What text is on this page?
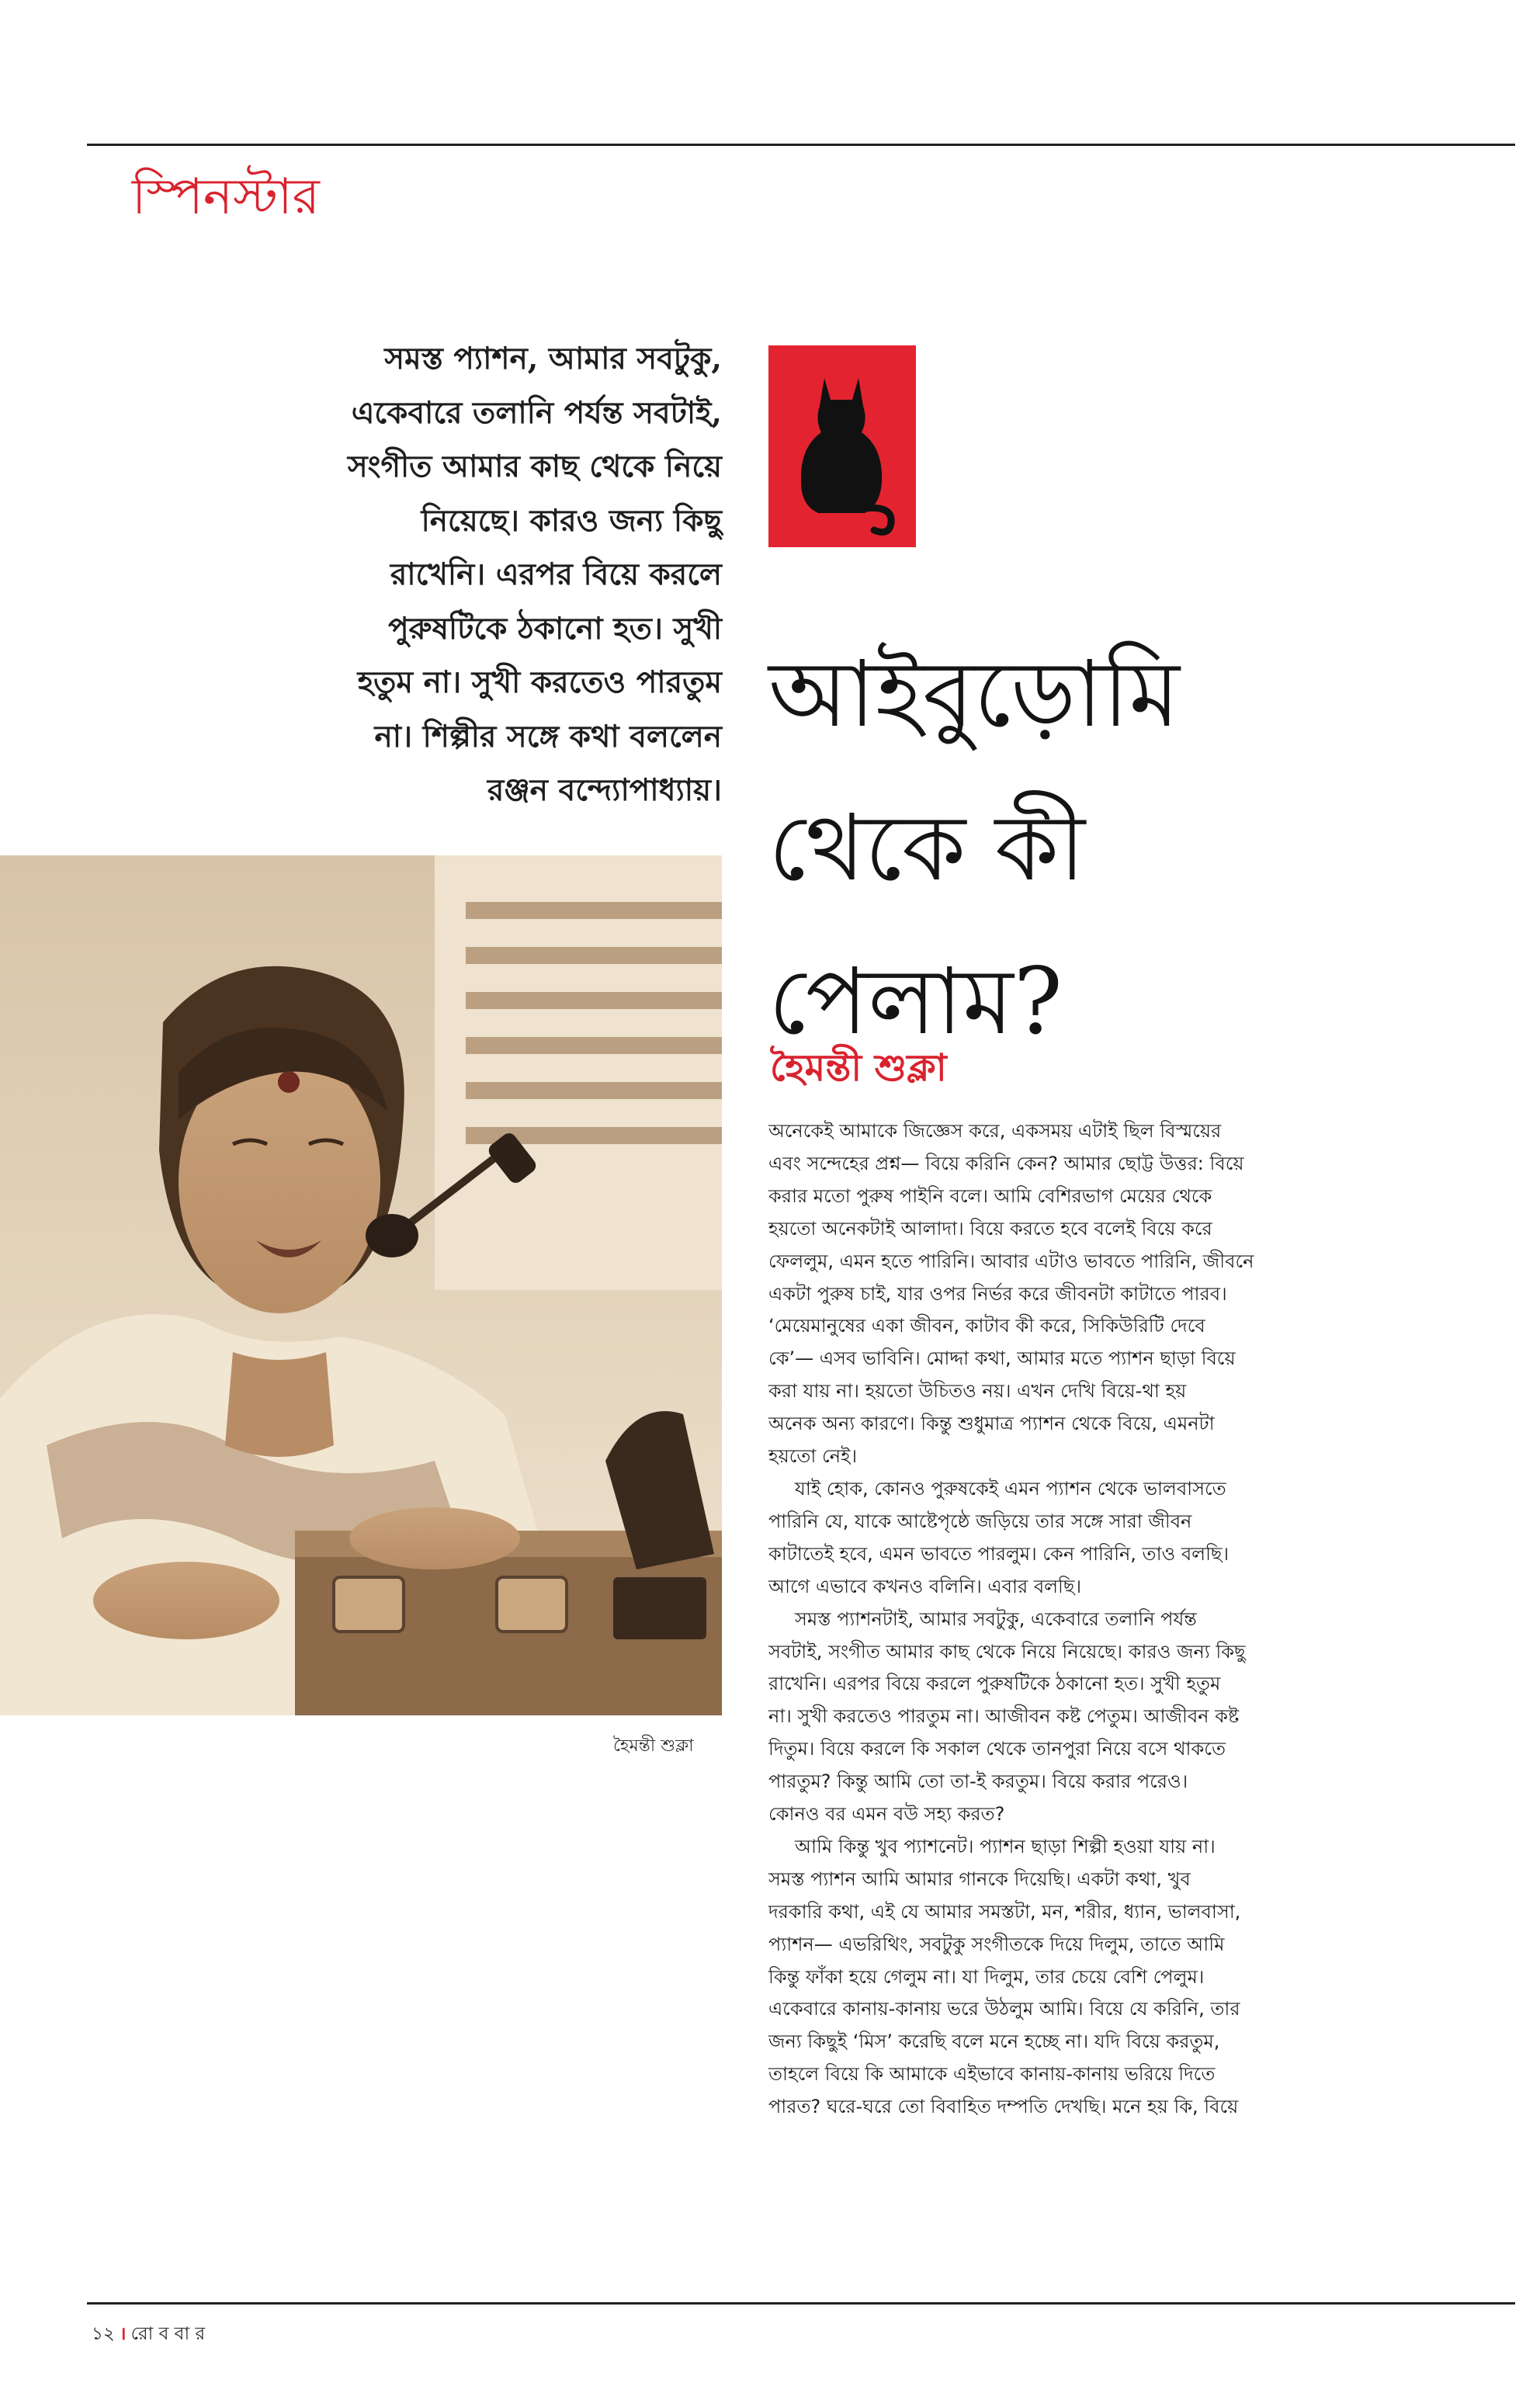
স্পিনস্টার
সমস্ত প্যাশন, আমার সবটুকু,
একেবারে তলানি পর্যন্ত সবটাই,
সংগীত আমার কাছ থেকে নিয়ে
নিয়েছে। কারও জন্য কিছু
রাখেনি। এরপর বিয়ে করলে
পুরুষটিকে ঠকানো হত। সুখী
হতুম না। সুখী করতেও পারতুম
না। শিল্পীর সঙ্গে কথা বললেন
রঞ্জন বন্দ্যোপাধ্যায়।
আইবুড়োমি
থেকে কী
পেলাম?
হৈমন্তী শুক্লা
হৈমন্তী শুক্লা
অনেকেই আমাকে জিজ্ঞেস করে, একসময় এটাই ছিল বিস্ময়ের
এবং সন্দেহের প্রশ্ন— বিয়ে করিনি কেন? আমার ছোট্ট উত্তর: বিয়ে
করার মতো পুরুষ পাইনি বলে। আমি বেশিরভাগ মেয়ের থেকে
হয়তো অনেকটাই আলাদা। বিয়ে করতে হবে বলেই বিয়ে করে
ফেললুম, এমন হতে পারিনি। আবার এটাও ভাবতে পারিনি, জীবনে
একটা পুরুষ চাই, যার ওপর নির্ভর করে জীবনটা কাটাতে পারব।
‘মেয়েমানুষের একা জীবন, কাটাব কী করে, সিকিউরিটি দেবে
কে’— এসব ভাবিনি। মোদ্দা কথা, আমার মতে প্যাশন ছাড়া বিয়ে
করা যায় না। হয়তো উচিতও নয়। এখন দেখি বিয়ে-থা হয়
অনেক অন্য কারণে। কিন্তু শুধুমাত্র প্যাশন থেকে বিয়ে, এমনটা
হয়তো নেই।
যাই হোক, কোনও পুরুষকেই এমন প্যাশন থেকে ভালবাসতে
পারিনি যে, যাকে আষ্টেপৃষ্ঠে জড়িয়ে তার সঙ্গে সারা জীবন
কাটাতেই হবে, এমন ভাবতে পারলুম। কেন পারিনি, তাও বলছি।
আগে এভাবে কখনও বলিনি। এবার বলছি।
সমস্ত প্যাশনটাই, আমার সবটুকু, একেবারে তলানি পর্যন্ত
সবটাই, সংগীত আমার কাছ থেকে নিয়ে নিয়েছে। কারও জন্য কিছু
রাখেনি। এরপর বিয়ে করলে পুরুষটিকে ঠকানো হত। সুখী হতুম
না। সুখী করতেও পারতুম না। আজীবন কষ্ট পেতুম। আজীবন কষ্ট
দিতুম। বিয়ে করলে কি সকাল থেকে তানপুরা নিয়ে বসে থাকতে
পারতুম? কিন্তু আমি তো তা-ই করতুম। বিয়ে করার পরেও।
কোনও বর এমন বউ সহ্য করত?
আমি কিন্তু খুব প্যাশনেট। প্যাশন ছাড়া শিল্পী হওয়া যায় না।
সমস্ত প্যাশন আমি আমার গানকে দিয়েছি। একটা কথা, খুব
দরকারি কথা, এই যে আমার সমস্তটা, মন, শরীর, ধ্যান, ভালবাসা,
প্যাশন— এভরিথিং, সবটুকু সংগীতকে দিয়ে দিলুম, তাতে আমি
কিন্তু ফাঁকা হয়ে গেলুম না। যা দিলুম, তার চেয়ে বেশি পেলুম।
একেবারে কানায়-কানায় ভরে উঠলুম আমি। বিয়ে যে করিনি, তার
জন্য কিছুই ‘মিস’ করেছি বলে মনে হচ্ছে না। যদি বিয়ে করতুম,
তাহলে বিয়ে কি আমাকে এইভাবে কানায়-কানায় ভরিয়ে দিতে
পারত? ঘরে-ঘরে তো বিবাহিত দম্পতি দেখছি। মনে হয় কি, বিয়ে
১২ । রো ব বা র
